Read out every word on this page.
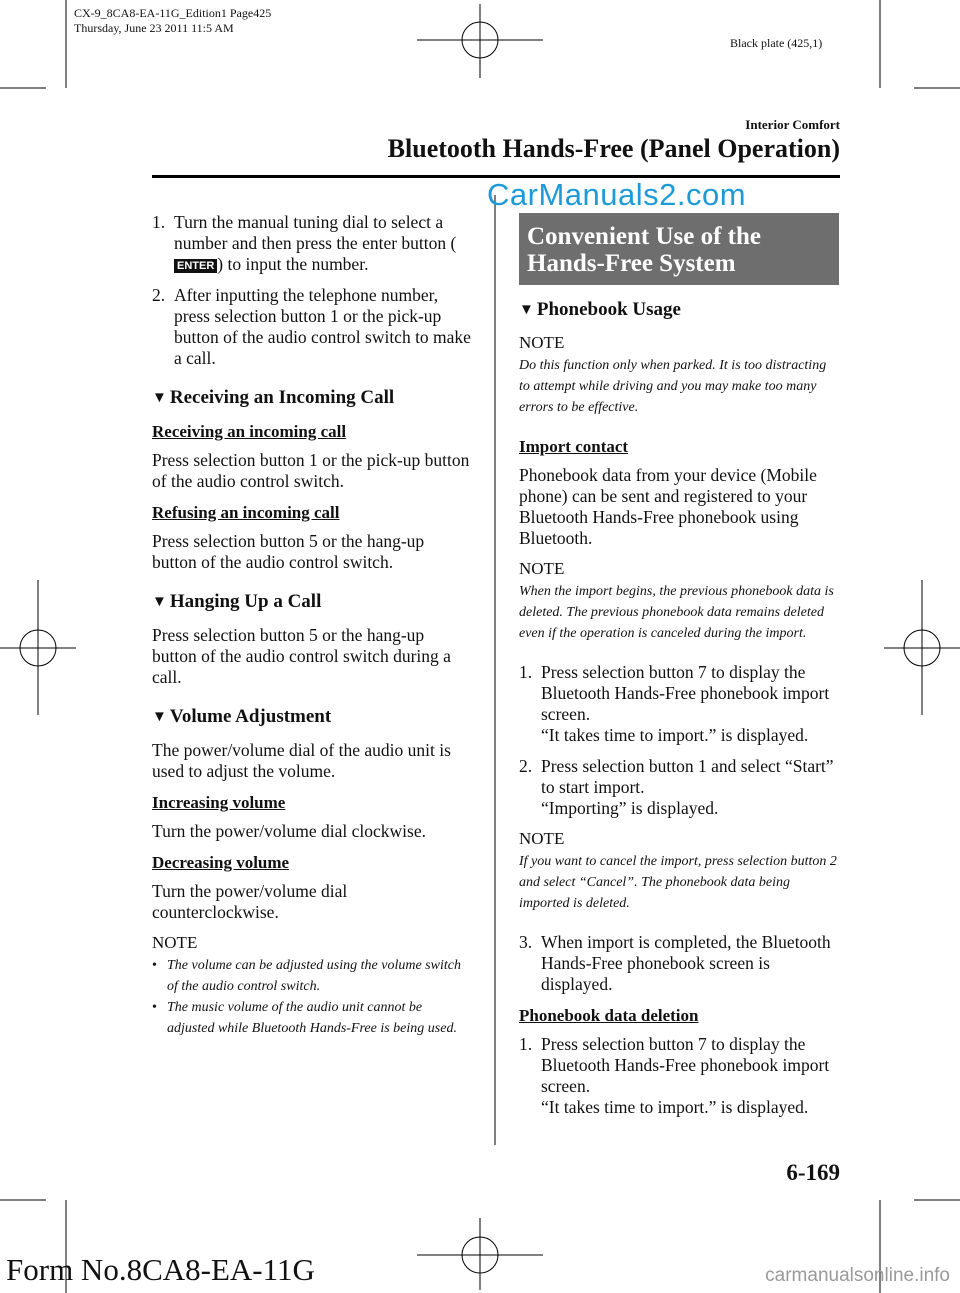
CX-9_8CA8-EA-11G_Edition1 Page425
Thursday, June 23 2011 11:5 AM
Black plate (425,1)
Interior Comfort
Bluetooth Hands-Free (Panel Operation)
CarManuals2.com
1. Turn the manual tuning dial to select a number and then press the enter button (ENTER ) to input the number.
2. After inputting the telephone number, press selection button 1 or the pick-up button of the audio control switch to make a call.
▼ Receiving an Incoming Call
Receiving an incoming call

Press selection button 1 or the pick-up button of the audio control switch.

Refusing an incoming call

Press selection button 5 or the hang-up button of the audio control switch.

▼ Hanging Up a Call

Press selection button 5 or the hang-up button of the audio control switch during a call.

▼ Volume Adjustment

The power/volume dial of the audio unit is used to adjust the volume.

Increasing volume

Turn the power/volume dial clockwise.

Decreasing volume

Turn the power/volume dial counterclockwise.

NOTE
• The volume can be adjusted using the volume switch of the audio control switch.
• The music volume of the audio unit cannot be adjusted while Bluetooth Hands-Free is being used.
Convenient Use of the Hands-Free System
▼ Phonebook Usage
NOTE
Do this function only when parked. It is too distracting to attempt while driving and you may make too many errors to be effective.
Import contact

Phonebook data from your device (Mobile phone) can be sent and registered to your Bluetooth Hands-Free phonebook using Bluetooth.

NOTE
When the import begins, the previous phonebook data is deleted. The previous phonebook data remains deleted even if the operation is canceled during the import.
1. Press selection button 7 to display the Bluetooth Hands-Free phonebook import screen.
“It takes time to import.” is displayed.
2. Press selection button 1 and select “Start” to start import.
“Importing” is displayed.
NOTE
If you want to cancel the import, press selection button 2 and select “Cancel”. The phonebook data being imported is deleted.
3. When import is completed, the Bluetooth Hands-Free phonebook screen is displayed.
Phonebook data deletion
1. Press selection button 7 to display the Bluetooth Hands-Free phonebook import screen.
“It takes time to import.” is displayed.
6-169
Form No.8CA8-EA-11G	carmanualsonline.info
